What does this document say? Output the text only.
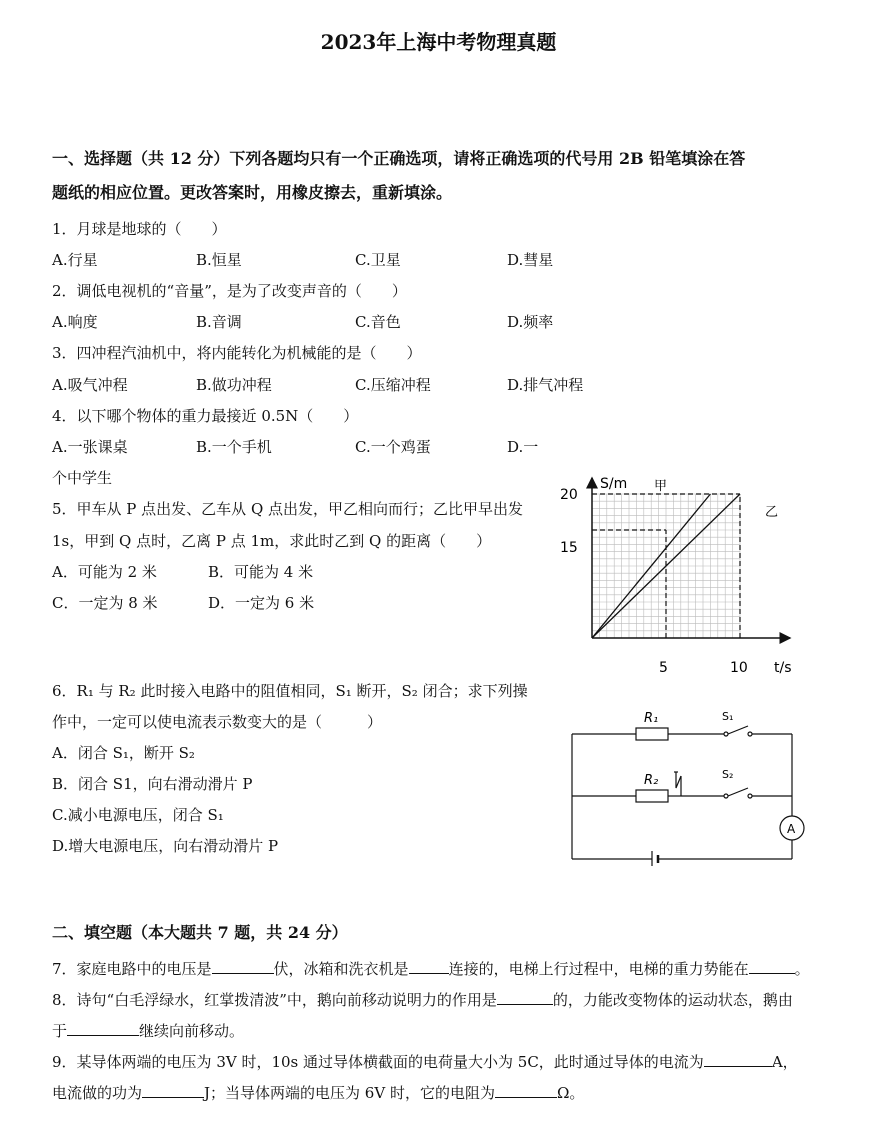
2023年上海中考物理真题
一、选择题（共 12 分）下列各题均只有一个正确选项，请将正确选项的代号用 2B 铅笔填涂在答
题纸的相应位置。更改答案时，用橡皮擦去，重新填涂。
1．月球是地球的（　　）
A.行星	B.恒星	C.卫星	D.彗星
2．调低电视机的“音量”，是为了改变声音的（　　）
A.响度	B.音调	C.音色	D.频率
3．四冲程汽油机中，将内能转化为机械能的是（　　）
A.吸气冲程	B.做功冲程	C.压缩冲程	D.排气冲程
4．以下哪个物体的重力最接近 0.5N（　　）
A.一张课桌	B.一个手机	C.一个鸡蛋	D.一
个中学生
5．甲车从 P 点出发、乙车从 Q 点出发，甲乙相向而行；乙比甲早出发
1s，甲到 Q 点时，乙离 P 点 1m，求此时乙到 Q 的距离（　　）
A．可能为 2 米	B．可能为 4 米
C．一定为 8 米	D．一定为 6 米
S/m
t/s
20
15
5	10
甲
乙
6．R₁ 与 R₂ 此时接入电路中的阻值相同，S₁ 断开，S₂ 闭合；求下列操
作中，一定可以使电流表示数变大的是（　　　）
A．闭合 S₁，断开 S₂
B．闭合 S1，向右滑动滑片 P
C.减小电源电压，闭合 S₁
D.增大电源电压，向右滑动滑片 P
R₁
R₂
S₁
S₂
A
二、填空题（本大题共 7 题，共 24 分）
7．家庭电路中的电压是	伏，冰箱和洗衣机是	连接的，电梯上行过程中，电梯的重力势能在	。
8．诗句“白毛浮绿水，红掌拨清波”中，鹅向前移动说明力的作用是	的，力能改变物体的运动状态，鹅由
于	继续向前移动。
9．某导体两端的电压为 3V 时，10s 通过导体横截面的电荷量大小为 5C，此时通过导体的电流为	A，
电流做的功为	J；当导体两端的电压为 6V 时，它的电阻为	Ω。
